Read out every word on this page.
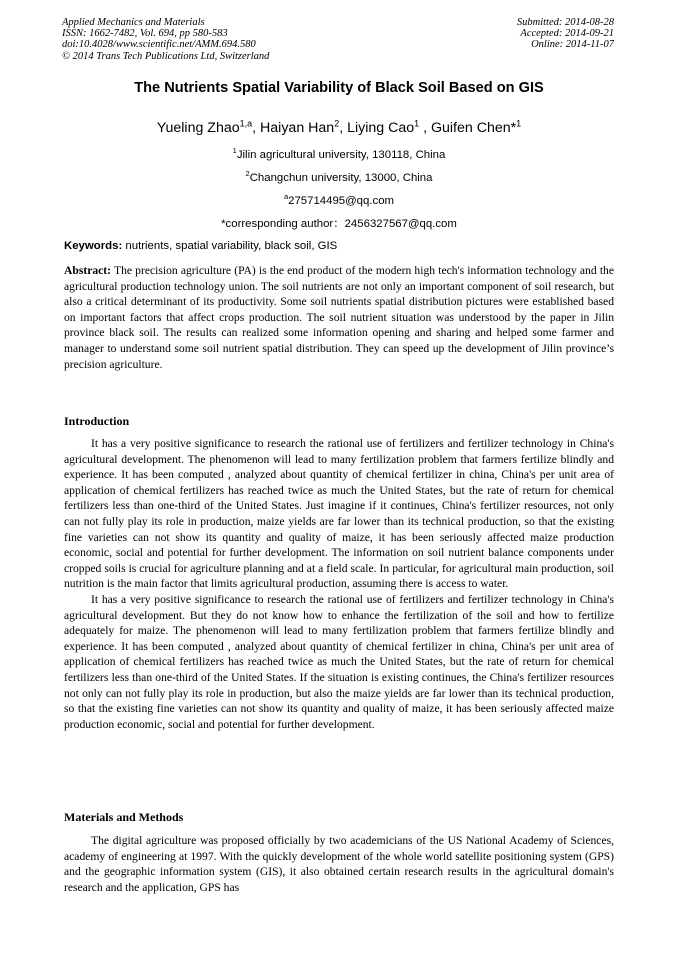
Applied Mechanics and Materials
ISSN: 1662-7482, Vol. 694, pp 580-583
doi:10.4028/www.scientific.net/AMM.694.580
© 2014 Trans Tech Publications Ltd, Switzerland
Submitted: 2014-08-28
Accepted: 2014-09-21
Online: 2014-11-07
The Nutrients Spatial Variability of Black Soil Based on GIS
Yueling Zhao$^{1,a}$, Haiyan Han$^2$, Liying Cao$^1$ , Guifen Chen*$^1$
$^1$Jilin agricultural university, 130118, China
$^2$Changchun university, 13000, China
$^a$275714495@qq.com
*corresponding author：2456327567@qq.com
Keywords: nutrients, spatial variability, black soil, GIS

Abstract: The precision agriculture (PA) is the end product of the modern high tech's information technology and the agricultural production technology union. The soil nutrients are not only an important component of soil research, but also a critical determinant of its productivity. Some soil nutrients spatial distribution pictures were established based on important factors that affect crops production. The soil nutrient situation was understood by the paper in Jilin province black soil. The results can realized some information opening and sharing and helped some farmer and manager to understand some soil nutrient spatial distribution. They can speed up the development of Jilin province’s precision agriculture.

Introduction

It has a very positive significance to research the rational use of fertilizers and fertilizer technology in China's agricultural development. The phenomenon will lead to many fertilization problem that farmers fertilize blindly and experience. It has been computed , analyzed about quantity of chemical fertilizer in china, China's per unit area of application of chemical fertilizers has reached twice as much the United States, but the rate of return for chemical fertilizers less than one-third of the United States. Just imagine if it continues, China's fertilizer resources, not only can not fully play its role in production, maize yields are far lower than its technical production, so that the existing fine varieties can not show its quantity and quality of maize, it has been seriously affected maize production economic, social and potential for further development. The information on soil nutrient balance components under cropped soils is crucial for agriculture planning and at a field scale. In particular, for agricultural main production, soil nutrition is the main factor that limits agricultural production, assuming there is access to water.

It has a very positive significance to research the rational use of fertilizers and fertilizer technology in China's agricultural development. But they do not know how to enhance the fertilization of the soil and how to fertilize adequately for maize. The phenomenon will lead to many fertilization problem that farmers fertilize blindly and experience. It has been computed , analyzed about quantity of chemical fertilizer in china, China's per unit area of application of chemical fertilizers has reached twice as much the United States, but the rate of return for chemical fertilizers less than one-third of the United States. If the situation is existing continues, the China's fertilizer resources not only can not fully play its role in production, but also the maize yields are far lower than its technical production, so that the existing fine varieties can not show its quantity and quality of maize, it has been seriously affected maize production economic, social and potential for further development.

Materials and Methods

The digital agriculture was proposed officially by two academicians of the US National Academy of Sciences, academy of engineering at 1997. With the quickly development of the whole world satellite positioning system (GPS) and the geographic information system (GIS), it also obtained certain research results in the agricultural domain's research and the application, GPS has
